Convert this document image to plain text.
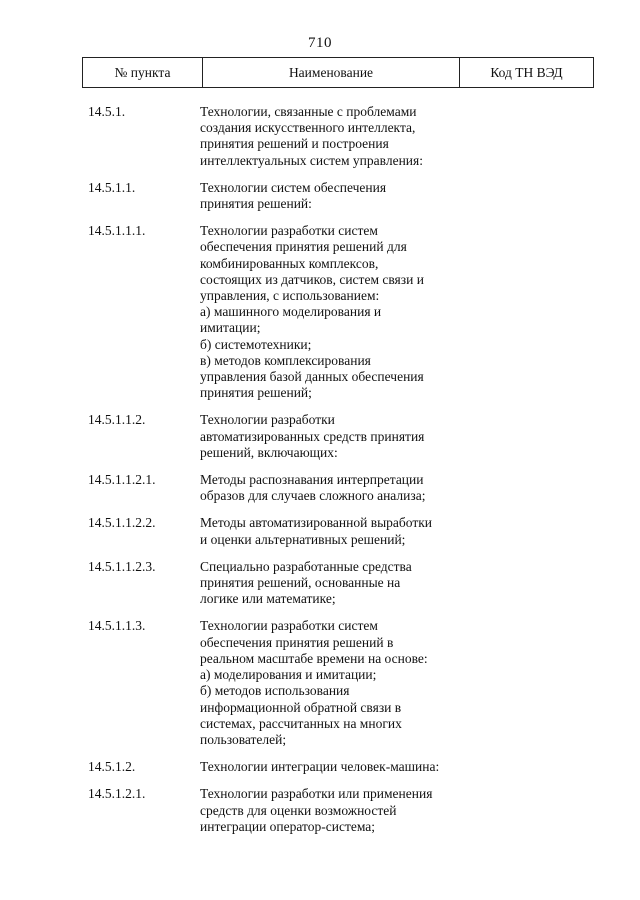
710
№ пункта	Наименование	Код ТН ВЭД
14.5.1.	Технологии, связанные с проблемами
создания искусственного интеллекта,
принятия решений и построения
интеллектуальных систем управления:
14.5.1.1.	Технологии систем обеспечения
принятия решений:
14.5.1.1.1.	Технологии разработки систем
обеспечения принятия решений для
комбинированных комплексов,
состоящих из датчиков, систем связи и
управления, с использованием:
а) машинного моделирования и
имитации;
б) системотехники;
в) методов комплексирования
управления базой данных обеспечения
принятия решений;
14.5.1.1.2.	Технологии разработки
автоматизированных средств принятия
решений, включающих:
14.5.1.1.2.1.	Методы распознавания интерпретации
образов для случаев сложного анализа;
14.5.1.1.2.2.	Методы автоматизированной выработки
и оценки альтернативных решений;
14.5.1.1.2.3.	Специально разработанные средства
принятия решений, основанные на
логике или математике;
14.5.1.1.3.	Технологии разработки систем
обеспечения принятия решений в
реальном масштабе времени на основе:
а) моделирования и имитации;
б) методов использования
информационной обратной связи в
системах, рассчитанных на многих
пользователей;
14.5.1.2.	Технологии интеграции человек-машина:
14.5.1.2.1.	Технологии разработки или применения
средств для оценки возможностей
интеграции оператор-система;
